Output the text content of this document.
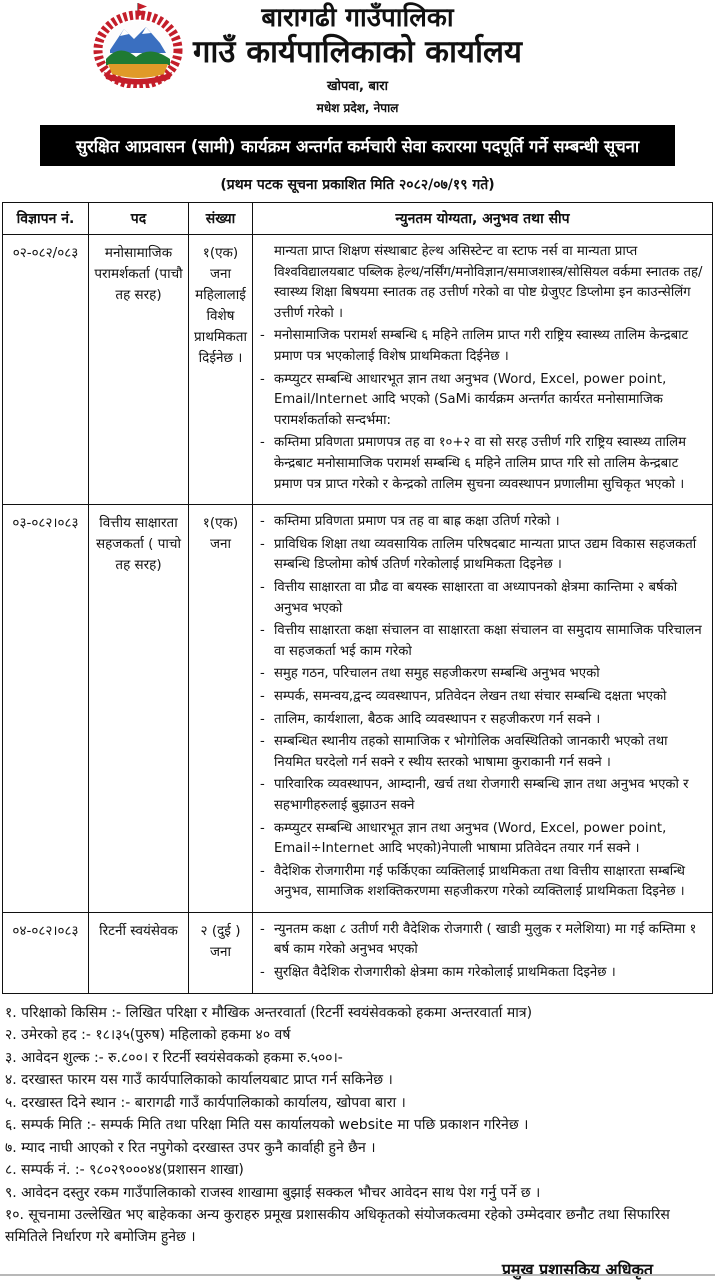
बारागढी गाउँपालिका
गाउँ कार्यपालिकाको कार्यालय
खोपवा, बारा
मधेश प्रदेश, नेपाल
सुरक्षित आप्रवासन (सामी) कार्यक्रम अन्तर्गत कर्मचारी सेवा करारमा पदपूर्ति गर्ने सम्बन्धी सूचना
(प्रथम पटक सूचना प्रकाशित मिति २०८२/०७/१९ गते)
विज्ञापन नं.	पद	संख्या	न्युनतम योग्यता, अनुभव तथा सीप
०२-०८२/०८३	मनोसामाजिक परामर्शकर्ता (पाचौ तह सरह)	१(एक) जना महिलालाई विशेष प्राथमिकता दिईनेछ ।	
मान्यता प्राप्त शिक्षण संस्थाबाट हेल्थ असिस्टेन्ट वा स्टाफ नर्स वा मान्यता प्राप्त विश्वविद्यालयबाट पब्लिक हेल्थ/नर्सिंग/मनोविज्ञान/समाजशास्त्र/सोसियल वर्कमा स्नातक तह/ स्वास्थ्य शिक्षा बिषयमा स्नातक तह उत्तीर्ण गरेको वा पोष्ट ग्रेजुएट डिप्लोमा इन काउन्सेलिंग उत्तीर्ण गरेको ।
- मनोसामाजिक परामर्श सम्बन्धि ६ महिने तालिम प्राप्त गरी राष्ट्रिय स्वास्थ्य तालिम केन्द्रबाट प्रमाण पत्र भएकोलाई विशेष प्राथमिकता दिईनेछ ।
- कम्प्युटर सम्बन्धि आधारभूत ज्ञान तथा अनुभव (Word, Excel, power point, Email/Internet आदि भएको (SaMi कार्यक्रम अन्तर्गत कार्यरत मनोसामाजिक परामर्शकर्ताको सन्दर्भमा:
- कम्तिमा प्रविणता प्रमाणपत्र तह वा १०+२ वा सो सरह उत्तीर्ण गरि राष्ट्रिय स्वास्थ्य तालिम केन्द्रबाट मनोसामाजिक परामर्श सम्बन्धि ६ महिने तालिम प्राप्त गरि सो तालिम केन्द्रबाट प्रमाण पत्र प्राप्त गरेको र केन्द्रको तालिम सुचना व्यवस्थापन प्रणालीमा सुचिकृत भएको ।

०३-०८२।०८३	वित्तीय साक्षारता सहजकर्ता ( पाचो तह सरह)	१(एक) जना	
- कम्तिमा प्रविणता प्रमाण पत्र तह वा बाह्र कक्षा उतिर्ण गरेको ।
- प्राविधिक शिक्षा तथा व्यवसायिक तालिम परिषदबाट मान्यता प्राप्त उद्यम विकास सहजकर्ता सम्बन्धि डिप्लोमा कोर्ष उतिर्ण गरेकोलाई प्राथमिकता दिइनेछ ।
- वित्तीय साक्षारता वा प्रौढ वा बयस्क साक्षारता वा अध्यापनको क्षेत्रमा कान्तिमा २ बर्षको अनुभव भएको
- वित्तीय साक्षारता कक्षा संचालन वा साक्षारता कक्षा संचालन वा समुदाय सामाजिक परिचालन वा सहजकर्ता भई काम गरेको
- समुह गठन, परिचालन तथा समुह सहजीकरण सम्बन्धि अनुभव भएको
- सम्पर्क, समन्वय,द्वन्द व्यवस्थापन, प्रतिवेदन लेखन तथा संचार सम्बन्धि दक्षता भएको
- तालिम, कार्यशाला, बैठक आदि व्यवस्थापन र सहजीकरण गर्न सक्ने ।
- सम्बन्धित स्थानीय तहको सामाजिक र भोगोलिक अवस्थितिको जानकारी भएको तथा नियमित घरदेलो गर्न सक्ने र स्थीय स्तरको भाषामा कुराकानी गर्न सक्ने ।
- पारिवारिक व्यवस्थापन, आम्दानी, खर्च तथा रोजगारी सम्बन्धि ज्ञान तथा अनुभव भएको र सहभागीहरुलाई बुझाउन सक्ने
- कम्प्युटर सम्बन्धि आधारभूत ज्ञान तथा अनुभव (Word, Excel, power point, Email÷Internet आदि भएको)नेपाली भाषामा प्रतिवेदन तयार गर्न सक्ने ।
- वैदेशिक रोजगारीमा गई फर्किएका व्यक्तिलाई प्राथमिकता तथा वित्तीय साक्षारता सम्बन्धि अनुभव, सामाजिक शशक्तिकरणमा सहजीकरण गरेको व्यक्तिलाई प्राथमिकता दिइनेछ ।

०४-०८२।०८३	रिटर्नी स्वयंसेवक	२ (दुई ) जना	- न्युनतम कक्षा ८ उतीर्ण गरी वैदेशिक रोजगारी ( खाडी मुलुक र मलेशिया) मा गई कम्तिमा १ बर्ष काम गरेको अनुभव भएको
- सुरक्षित वैदेशिक रोजगारीको क्षेत्रमा काम गरेकोलाई प्राथमिकता दिइनेछ ।
१. परिक्षाको किसिम :- लिखित परिक्षा र मौखिक अन्तरवार्ता (रिटर्नी स्वयंसेवकको हकमा अन्तरवार्ता मात्र)
२. उमेरको हद :- १८।३५(पुरुष) महिलाको हकमा ४० वर्ष
३. आवेदन शुल्क :- रु.८००। र रिटर्नी स्वयंसेवकको हकमा रु.५००।-
४. दरखास्त फारम यस गाउँ कार्यपालिकाको कार्यालयबाट प्राप्त गर्न सकिनेछ ।
५. दरखास्त दिने स्थान :- बारागढी गाउँ कार्यपालिकाको कार्यालय, खोपवा बारा ।
६. सम्पर्क मिति :- सम्पर्क मिति तथा परिक्षा मिति यस कार्यालयको website मा पछि प्रकाशन गरिनेछ ।
७. म्याद नाघी आएको र रित नपुगेको दरखास्त उपर कुनै कार्वाही हुने छैन ।
८. सम्पर्क नं. :- ९८०२९०००४४(प्रशासन शाखा)
९. आवेदन दस्तुर रकम गाउँपालिकाको राजस्व शाखामा बुझाई सक्कल भौचर आवेदन साथ पेश गर्नु पर्ने छ ।
१०. सूचनामा उल्लेखित भए बाहेकका अन्य कुराहरु प्रमूख प्रशासकीय अधिकृतको संयोजकत्वमा रहेको उम्मेदवार छनौट तथा सिफारिस समितिले निर्धारण गरे बमोजिम हुनेछ ।
प्रमुख प्रशासकिय अधिकृत
